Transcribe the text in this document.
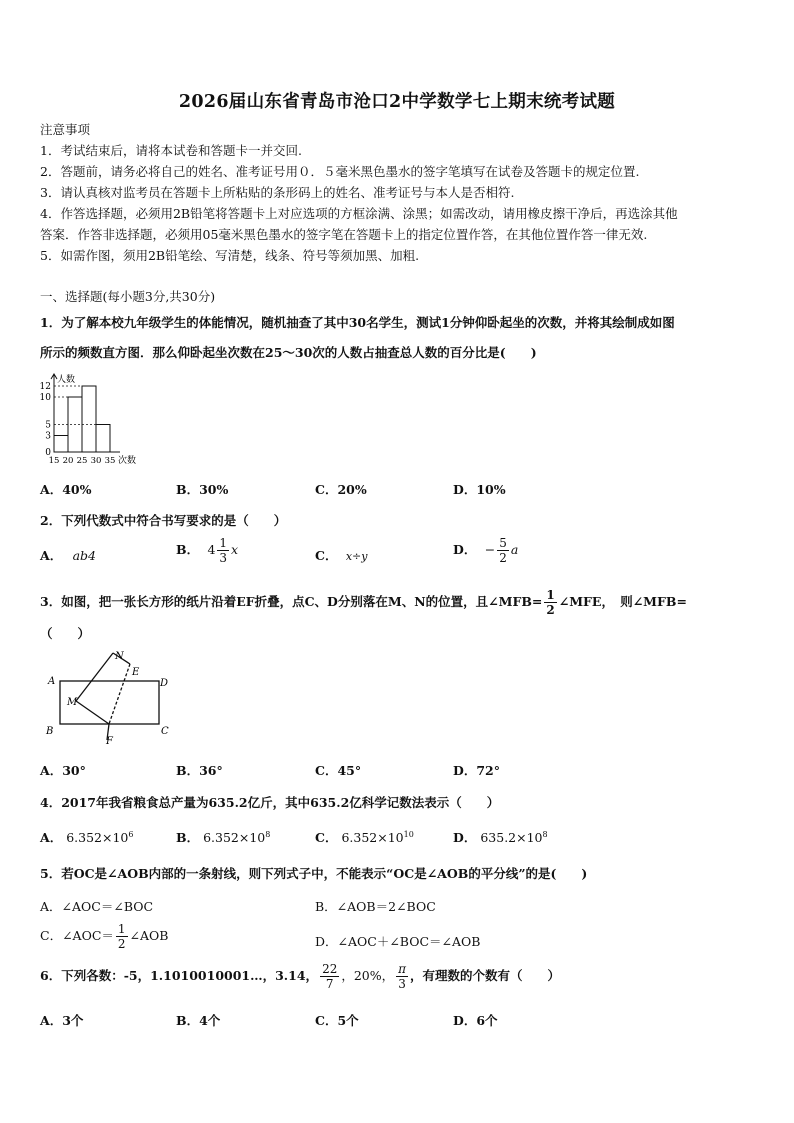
2026届山东省青岛市沧口2中学数学七上期末统考试题
注意事项
1．考试结束后，请将本试卷和答题卡一并交回.
2．答题前，请务必将自己的姓名、准考证号用０．５毫米黑色墨水的签字笔填写在试卷及答题卡的规定位置.
3．请认真核对监考员在答题卡上所粘贴的条形码上的姓名、准考证号与本人是否相符.
4．作答选择题，必须用2B铅笔将答题卡上对应选项的方框涂满、涂黑；如需改动，请用橡皮擦干净后，再选涂其他
答案．作答非选择题，必须用05毫米黑色墨水的签字笔在答题卡上的指定位置作答，在其他位置作答一律无效.
5．如需作图，须用2B铅笔绘、写清楚，线条、符号等须加黑、加粗.
一、选择题(每小题3分,共30分)
1．为了解本校九年级学生的体能情况，随机抽查了其中30名学生，测试1分钟仰卧起坐的次数，并将其绘制成如图
所示的频数直方图．那么仰卧起坐次数在25～30次的人数占抽查总人数的百分比是(　　)
人数
次数
0
3
5
10
12
15 20 25 30 35
A．40%	B．30%	C．20%	D．10%
2．下列代数式中符合书写要求的是（　　）
A． ab4	B． $4 \frac{1}{3}$ x	C． x÷y	D． − $\frac{5}{2}$ a
3．如图，把一张长方形的纸片沿着EF折叠，点C、D分别落在M、N的位置，且∠MFB= $\frac{1}{2}$ ∠MFE，　则∠MFB=
（　　）
A
B	C
D
E
F
M
N
A．30°	B．36°	C．45°	D．72°
4．2017年我省粮食总产量为635.2亿斤，其中635.2亿科学记数法表示（　　）
A． $6.352\times 10^6$	B． $6.352\times 10^8$	C． $6.352\times 10^{10}$	D． $635.2\times 10^8$
5．若OC是∠AOB内部的一条射线，则下列式子中，不能表示“OC是∠AOB的平分线”的是(　　)
A．∠AOC＝∠BOC	B．∠AOB＝2∠BOC
C．∠AOC＝ $\frac{1}{2}$ ∠AOB	D．∠AOC＋∠BOC＝∠AOB
6．下列各数：-5，1.1010010001…，3.14， $\frac{22}{7}$ ，20%， $\frac{\pi}{3}$ ，有理数的个数有（　　）
A．3个	B．4个	C．5个	D．6个
